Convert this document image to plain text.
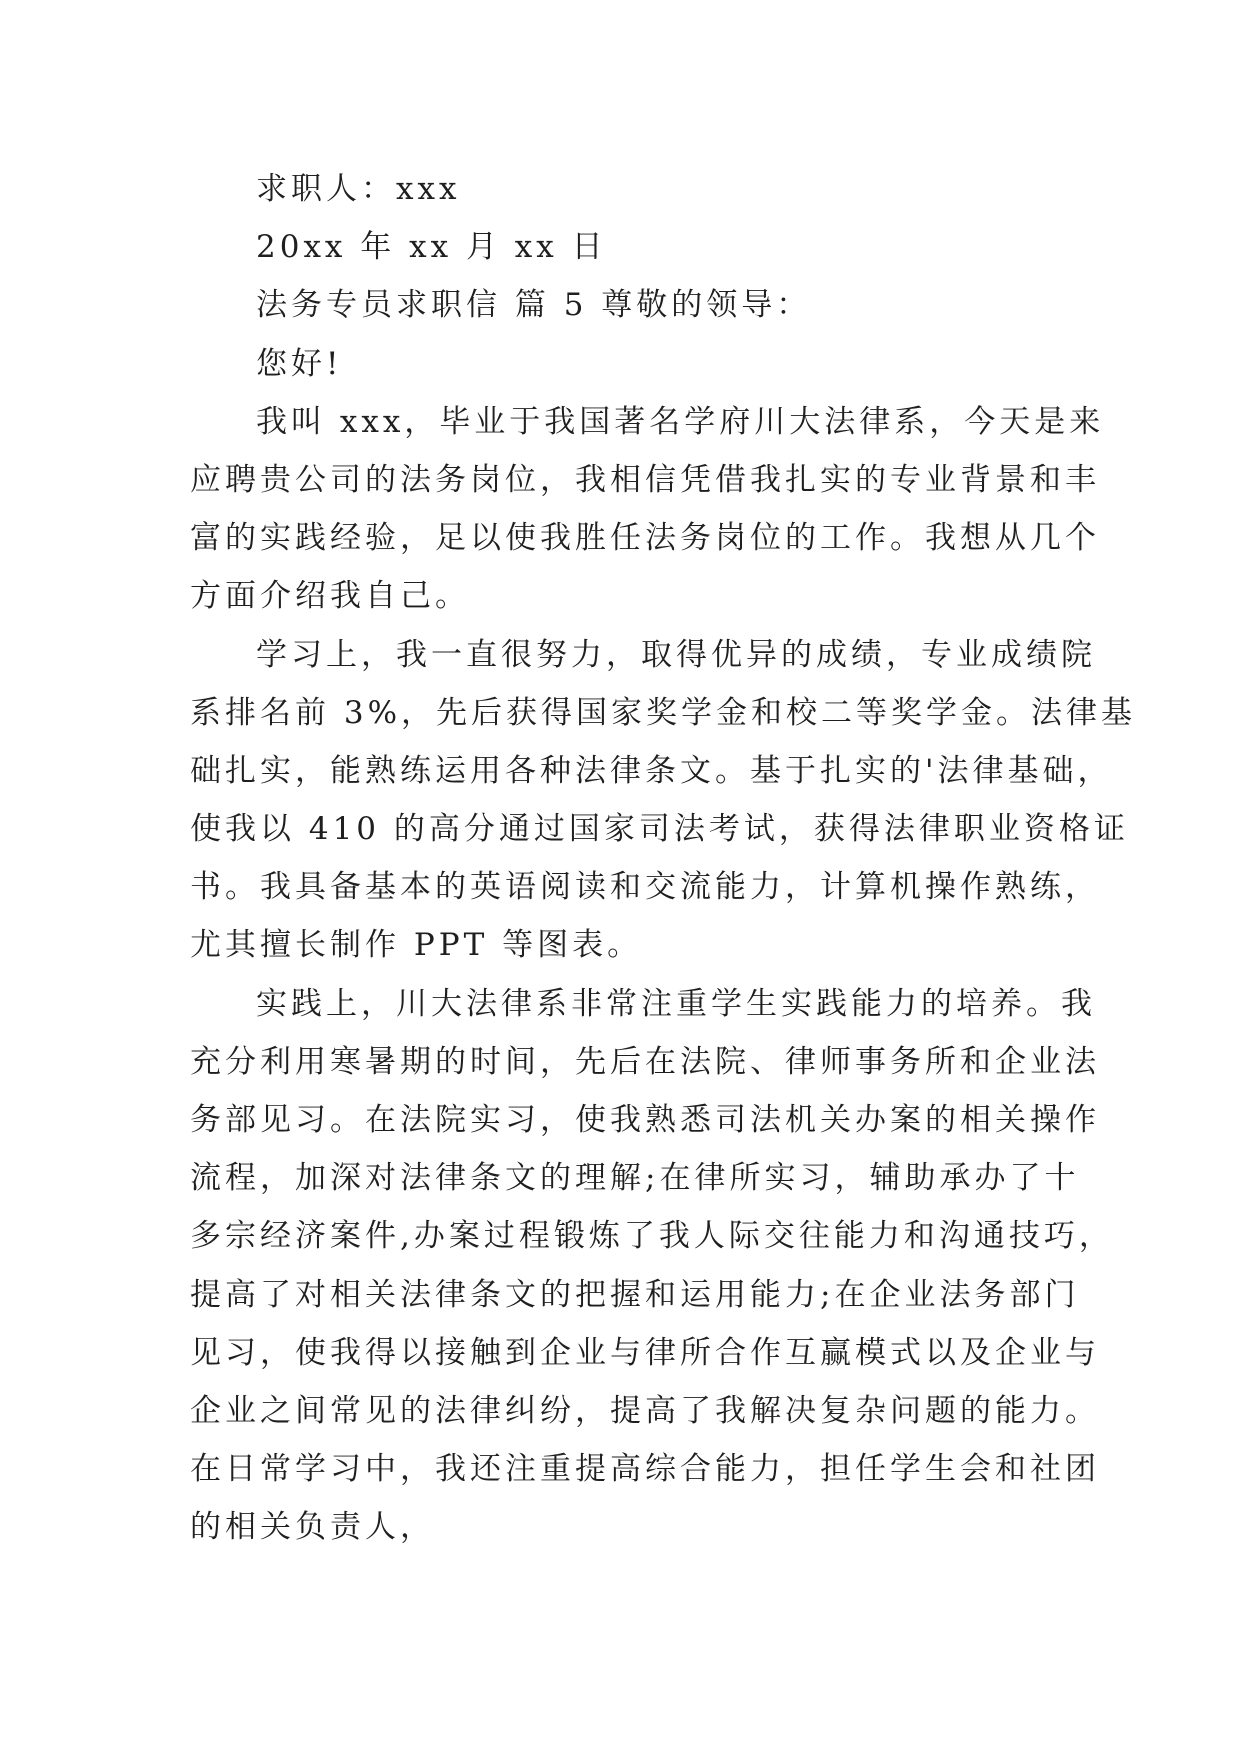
求职人：xxx
20xx 年 xx 月 xx 日
法务专员求职信 篇 5 尊敬的领导：
您好!
我叫 xxx，毕业于我国著名学府川大法律系，今天是来
应聘贵公司的法务岗位，我相信凭借我扎实的专业背景和丰
富的实践经验，足以使我胜任法务岗位的工作。我想从几个
方面介绍我自己。
学习上，我一直很努力，取得优异的成绩，专业成绩院
系排名前 3%，先后获得国家奖学金和校二等奖学金。法律基
础扎实，能熟练运用各种法律条文。基于扎实的'法律基础，
使我以 410 的高分通过国家司法考试，获得法律职业资格证
书。我具备基本的英语阅读和交流能力，计算机操作熟练，
尤其擅长制作 PPT 等图表。
实践上，川大法律系非常注重学生实践能力的培养。我
充分利用寒暑期的时间，先后在法院、律师事务所和企业法
务部见习。在法院实习，使我熟悉司法机关办案的相关操作
流程，加深对法律条文的理解;在律所实习，辅助承办了十
多宗经济案件,办案过程锻炼了我人际交往能力和沟通技巧，
提高了对相关法律条文的把握和运用能力;在企业法务部门
见习，使我得以接触到企业与律所合作互赢模式以及企业与
企业之间常见的法律纠纷，提高了我解决复杂问题的能力。
在日常学习中，我还注重提高综合能力，担任学生会和社团
的相关负责人，
